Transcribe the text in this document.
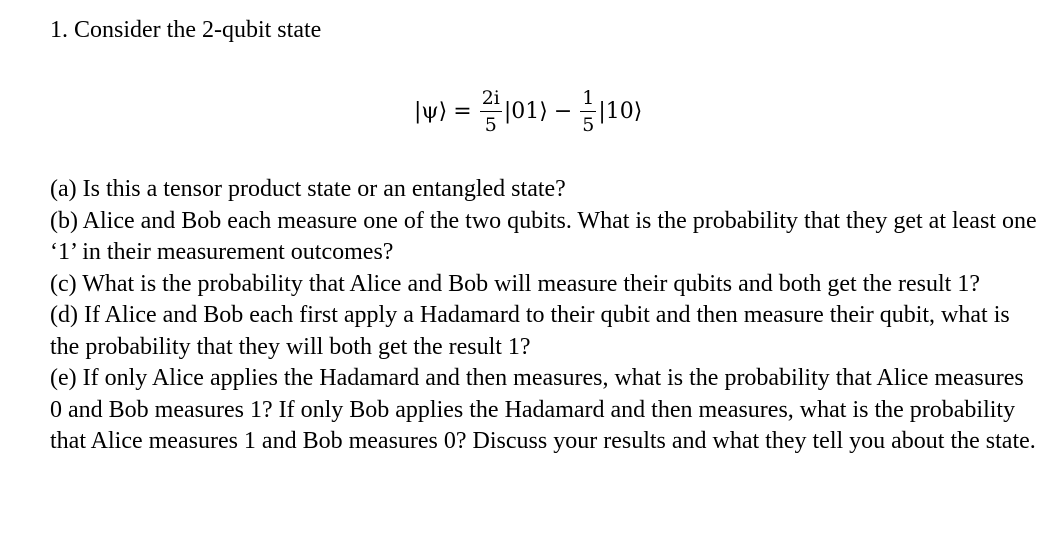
1. Consider the 2-qubit state
|ψ⟩ = $\frac{2i}{5}$ |01⟩ − $\frac{1}{5}$ |10⟩

(a) Is this a tensor product state or an entangled state?

(b) Alice and Bob each measure one of the two qubits. What is the probability that they get at least one ‘1’ in their measurement outcomes?

(c) What is the probability that Alice and Bob will measure their qubits and both get the result 1?

(d) If Alice and Bob each first apply a Hadamard to their qubit and then measure their qubit, what is the probability that they will both get the result 1?

(e) If only Alice applies the Hadamard and then measures, what is the probability that Alice measures 0 and Bob measures 1? If only Bob applies the Hadamard and then measures, what is the probability that Alice measures 1 and Bob measures 0? Discuss your results and what they tell you about the state.
